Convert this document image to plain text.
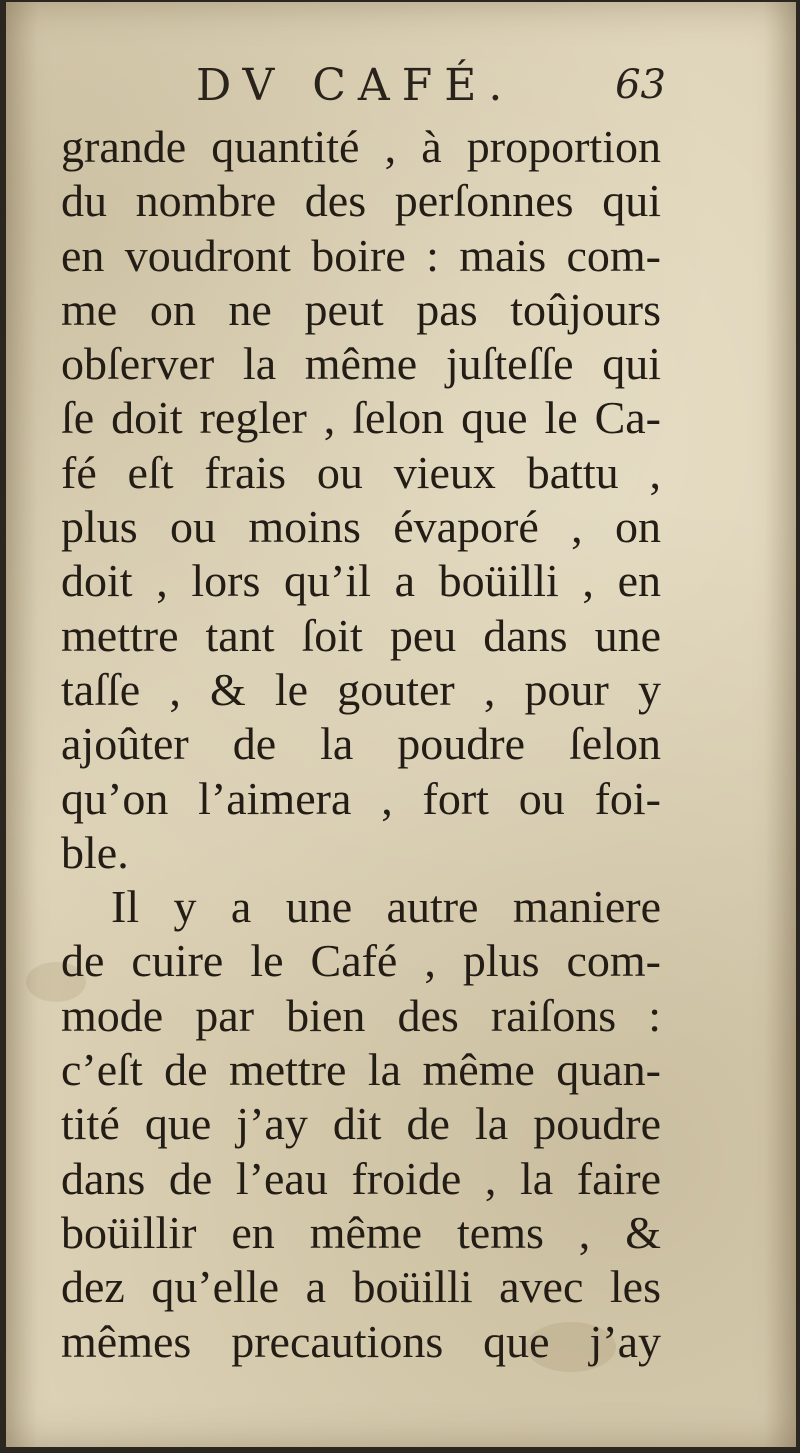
DV CAFÉ.	63
grande quantité , à proportion
du nombre des perſonnes qui
en voudront boire : mais com-
me on ne peut pas toûjours
obſerver la même juſteſſe qui
ſe doit regler , ſelon que le Ca-
fé eſt frais ou vieux battu ,
plus ou moins évaporé , on
doit , lors qu’il a boüilli , en
mettre tant ſoit peu dans une
taſſe , & le gouter , pour y
ajoûter de la poudre ſelon
qu’on l’aimera , fort ou foi-
ble.
Il y a une autre maniere
de cuire le Café , plus com-
mode par bien des raiſons :
c’eſt de mettre la même quan-
tité que j’ay dit de la poudre
dans de l’eau froide , la faire
boüillir en même tems , &
dez qu’elle a boüilli avec les
mêmes precautions que j’ay
